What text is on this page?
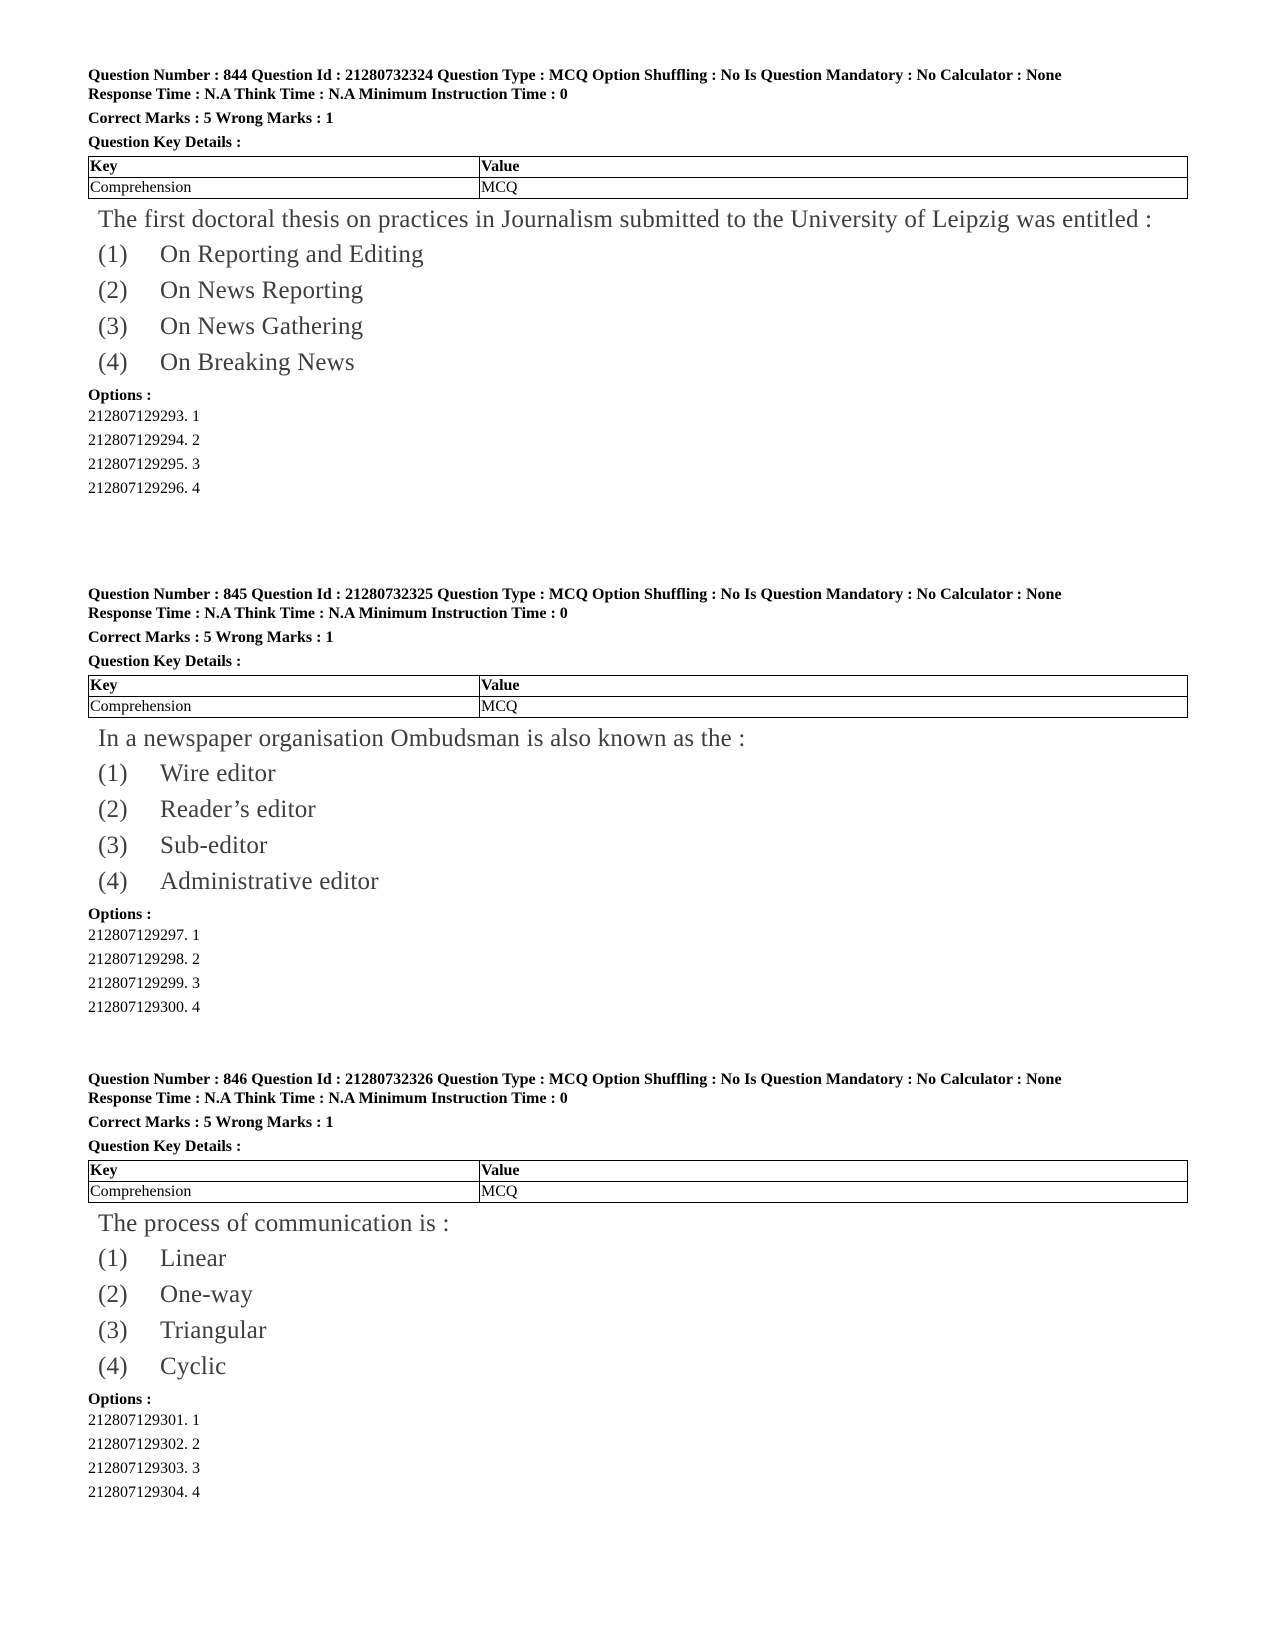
Question Number : 844 Question Id : 21280732324 Question Type : MCQ Option Shuffling : No Is Question Mandatory : No Calculator : None
Response Time : N.A Think Time : N.A Minimum Instruction Time : 0
Correct Marks : 5 Wrong Marks : 1
Question Key Details :
Key	Value
Comprehension	MCQ
The first doctoral thesis on practices in Journalism submitted to the University of Leipzig was entitled :
(1)	On Reporting and Editing
(2)	On News Reporting
(3)	On News Gathering
(4)	On Breaking News
Options :
212807129293. 1
212807129294. 2
212807129295. 3
212807129296. 4
Question Number : 845 Question Id : 21280732325 Question Type : MCQ Option Shuffling : No Is Question Mandatory : No Calculator : None
Response Time : N.A Think Time : N.A Minimum Instruction Time : 0
Correct Marks : 5 Wrong Marks : 1
Question Key Details :
Key	Value
Comprehension	MCQ
In a newspaper organisation Ombudsman is also known as the :
(1)	Wire editor
(2)	Reader’s editor
(3)	Sub-editor
(4)	Administrative editor
Options :
212807129297. 1
212807129298. 2
212807129299. 3
212807129300. 4
Question Number : 846 Question Id : 21280732326 Question Type : MCQ Option Shuffling : No Is Question Mandatory : No Calculator : None
Response Time : N.A Think Time : N.A Minimum Instruction Time : 0
Correct Marks : 5 Wrong Marks : 1
Question Key Details :
Key	Value
Comprehension	MCQ
The process of communication is :
(1)	Linear
(2)	One-way
(3)	Triangular
(4)	Cyclic
Options :
212807129301. 1
212807129302. 2
212807129303. 3
212807129304. 4
